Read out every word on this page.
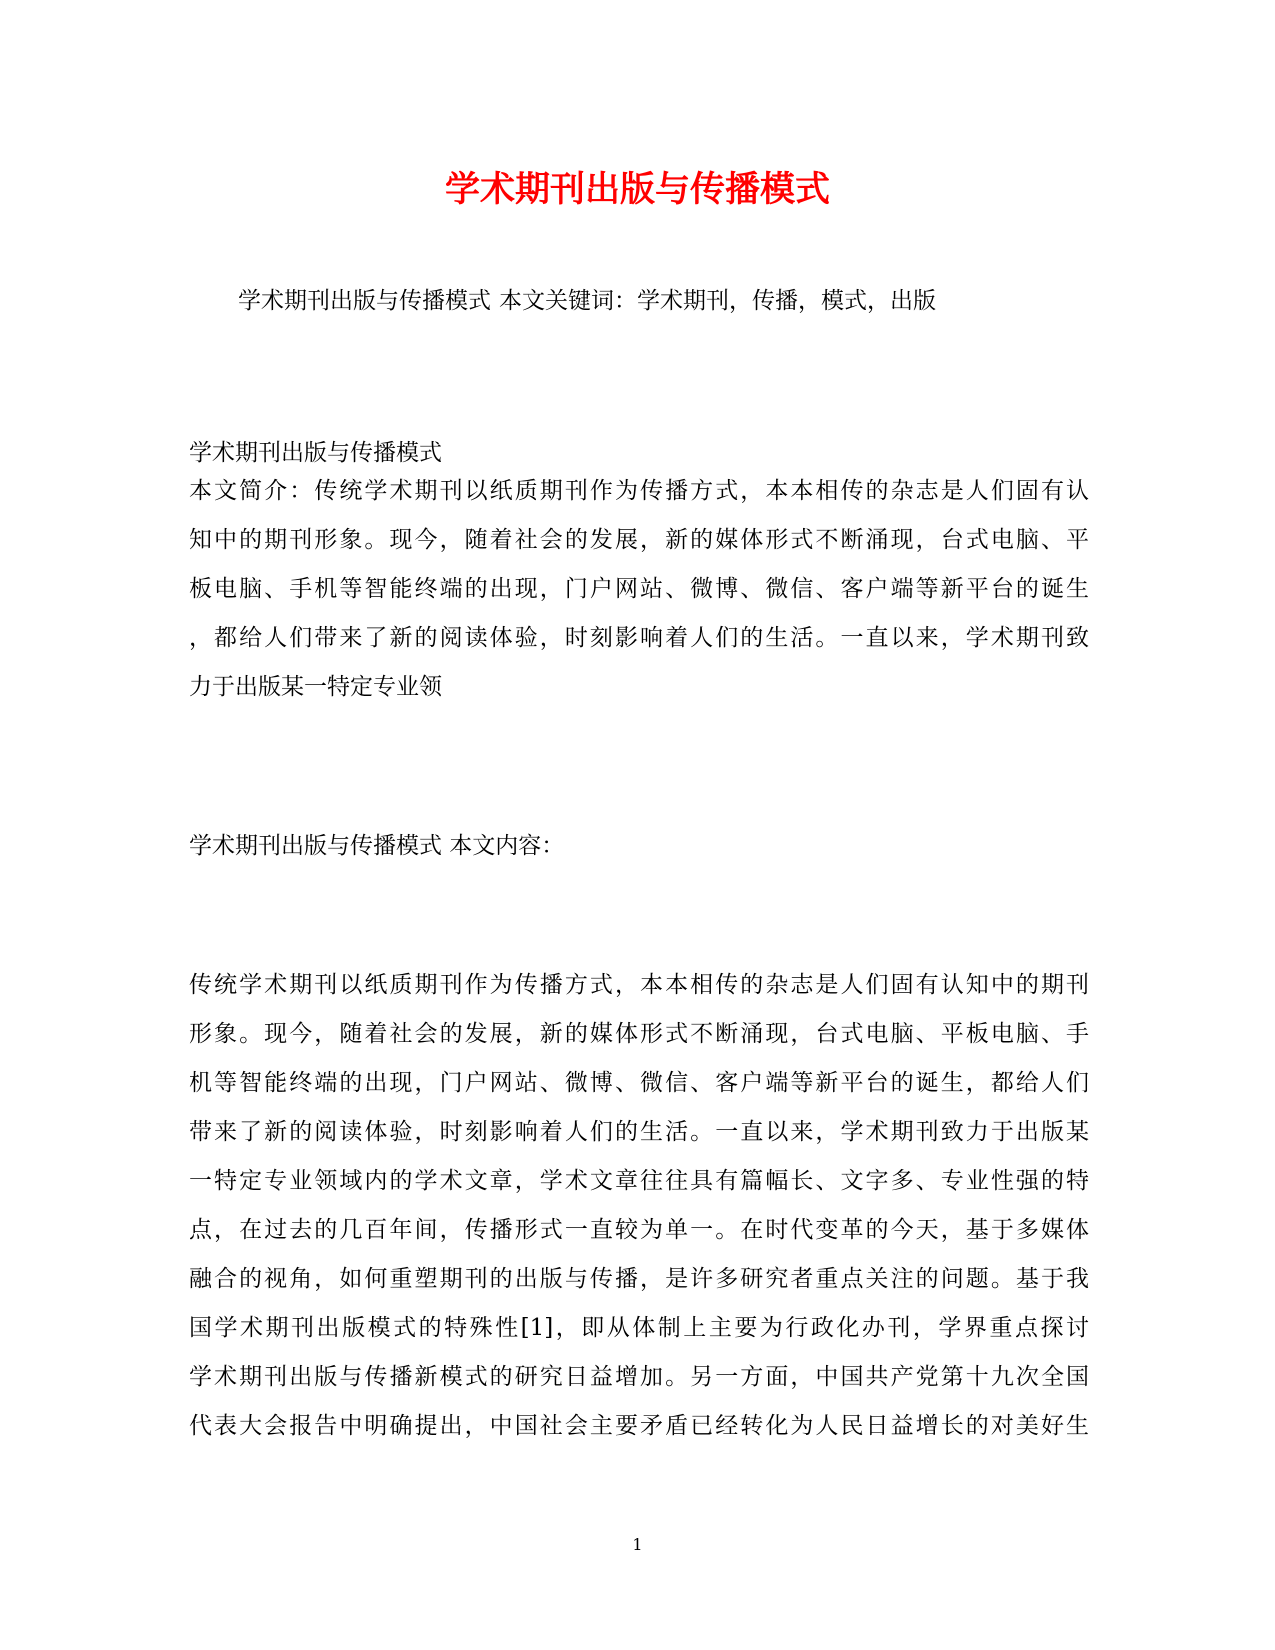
学术期刊出版与传播模式
学术期刊出版与传播模式 本文关键词：学术期刊，传播，模式，出版
学术期刊出版与传播模式
本文简介：传统学术期刊以纸质期刊作为传播方式，本本相传的杂志是人们固有认
知中的期刊形象。现今，随着社会的发展，新的媒体形式不断涌现，台式电脑、平
板电脑、手机等智能终端的出现，门户网站、微博、微信、客户端等新平台的诞生
，都给人们带来了新的阅读体验，时刻影响着人们的生活。一直以来，学术期刊致
力于出版某一特定专业领
学术期刊出版与传播模式 本文内容：
传统学术期刊以纸质期刊作为传播方式，本本相传的杂志是人们固有认知中的期刊
形象。现今，随着社会的发展，新的媒体形式不断涌现，台式电脑、平板电脑、手
机等智能终端的出现，门户网站、微博、微信、客户端等新平台的诞生，都给人们
带来了新的阅读体验，时刻影响着人们的生活。一直以来，学术期刊致力于出版某
一特定专业领域内的学术文章，学术文章往往具有篇幅长、文字多、专业性强的特
点，在过去的几百年间，传播形式一直较为单一。在时代变革的今天，基于多媒体
融合的视角，如何重塑期刊的出版与传播，是许多研究者重点关注的问题。基于我
国学术期刊出版模式的特殊性[1]，即从体制上主要为行政化办刊，学界重点探讨
学术期刊出版与传播新模式的研究日益增加。另一方面，中国共产党第十九次全国
代表大会报告中明确提出，中国社会主要矛盾已经转化为人民日益增长的对美好生
1
